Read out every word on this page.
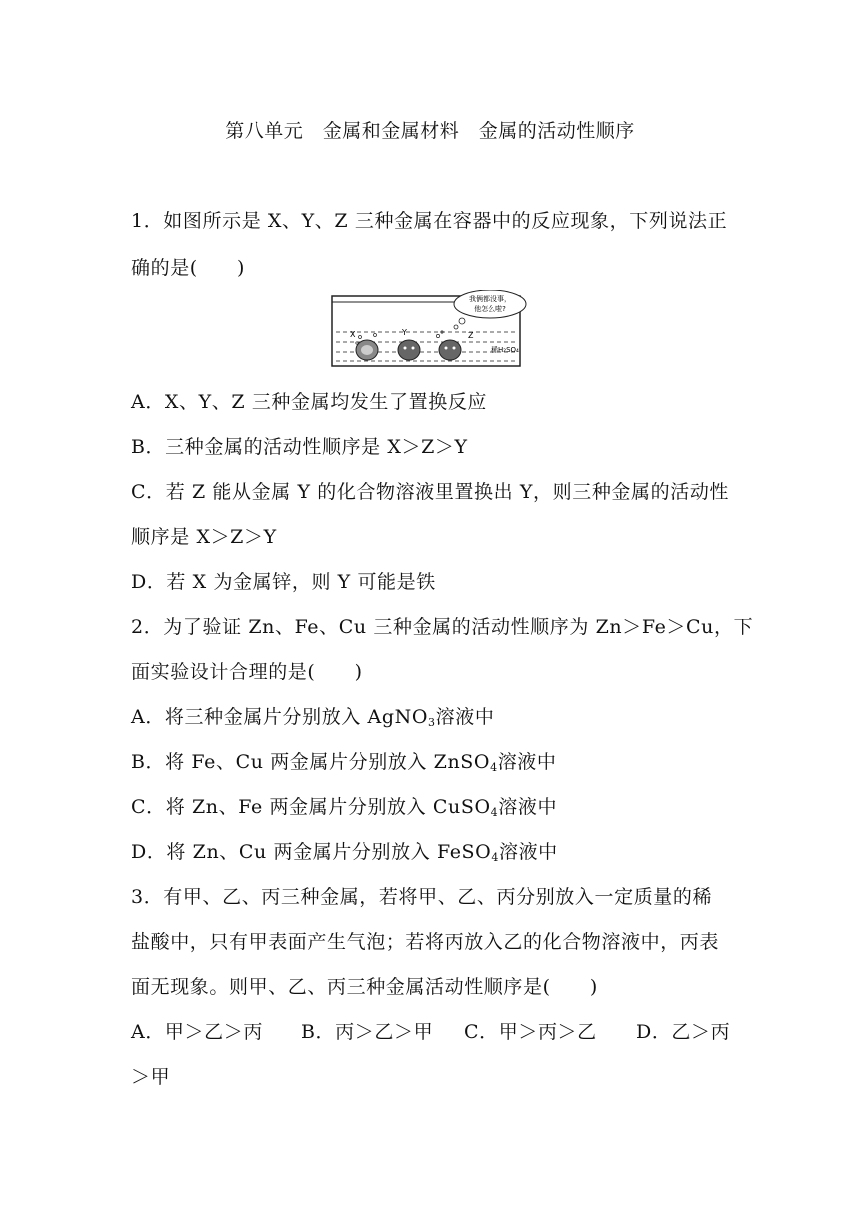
第八单元　金属和金属材料　金属的活动性顺序
1．如图所示是 X、Y、Z 三种金属在容器中的反应现象，下列说法正
确的是(　　)
我俩都没事，
他怎么啦?
X	Y	Z
稀H₂SO₄
A．X、Y、Z 三种金属均发生了置换反应
B．三种金属的活动性顺序是 X＞Z＞Y
C．若 Z 能从金属 Y 的化合物溶液里置换出 Y，则三种金属的活动性
顺序是 X＞Z＞Y
D．若 X 为金属锌，则 Y 可能是铁
2．为了验证 Zn、Fe、Cu 三种金属的活动性顺序为 Zn＞Fe＞Cu，下
面实验设计合理的是(　　)
A．将三种金属片分别放入 AgNO$_3$溶液中
B．将 Fe、Cu 两金属片分别放入 ZnSO$_4$溶液中
C．将 Zn、Fe 两金属片分别放入 CuSO$_4$溶液中
D．将 Zn、Cu 两金属片分别放入 FeSO$_4$溶液中
3．有甲、乙、丙三种金属，若将甲、乙、丙分别放入一定质量的稀
盐酸中，只有甲表面产生气泡；若将丙放入乙的化合物溶液中，丙表
面无现象。则甲、乙、丙三种金属活动性顺序是(　　)
A．甲＞乙＞丙 B．丙＞乙＞甲 C．甲＞丙＞乙 D．乙＞丙
＞甲
